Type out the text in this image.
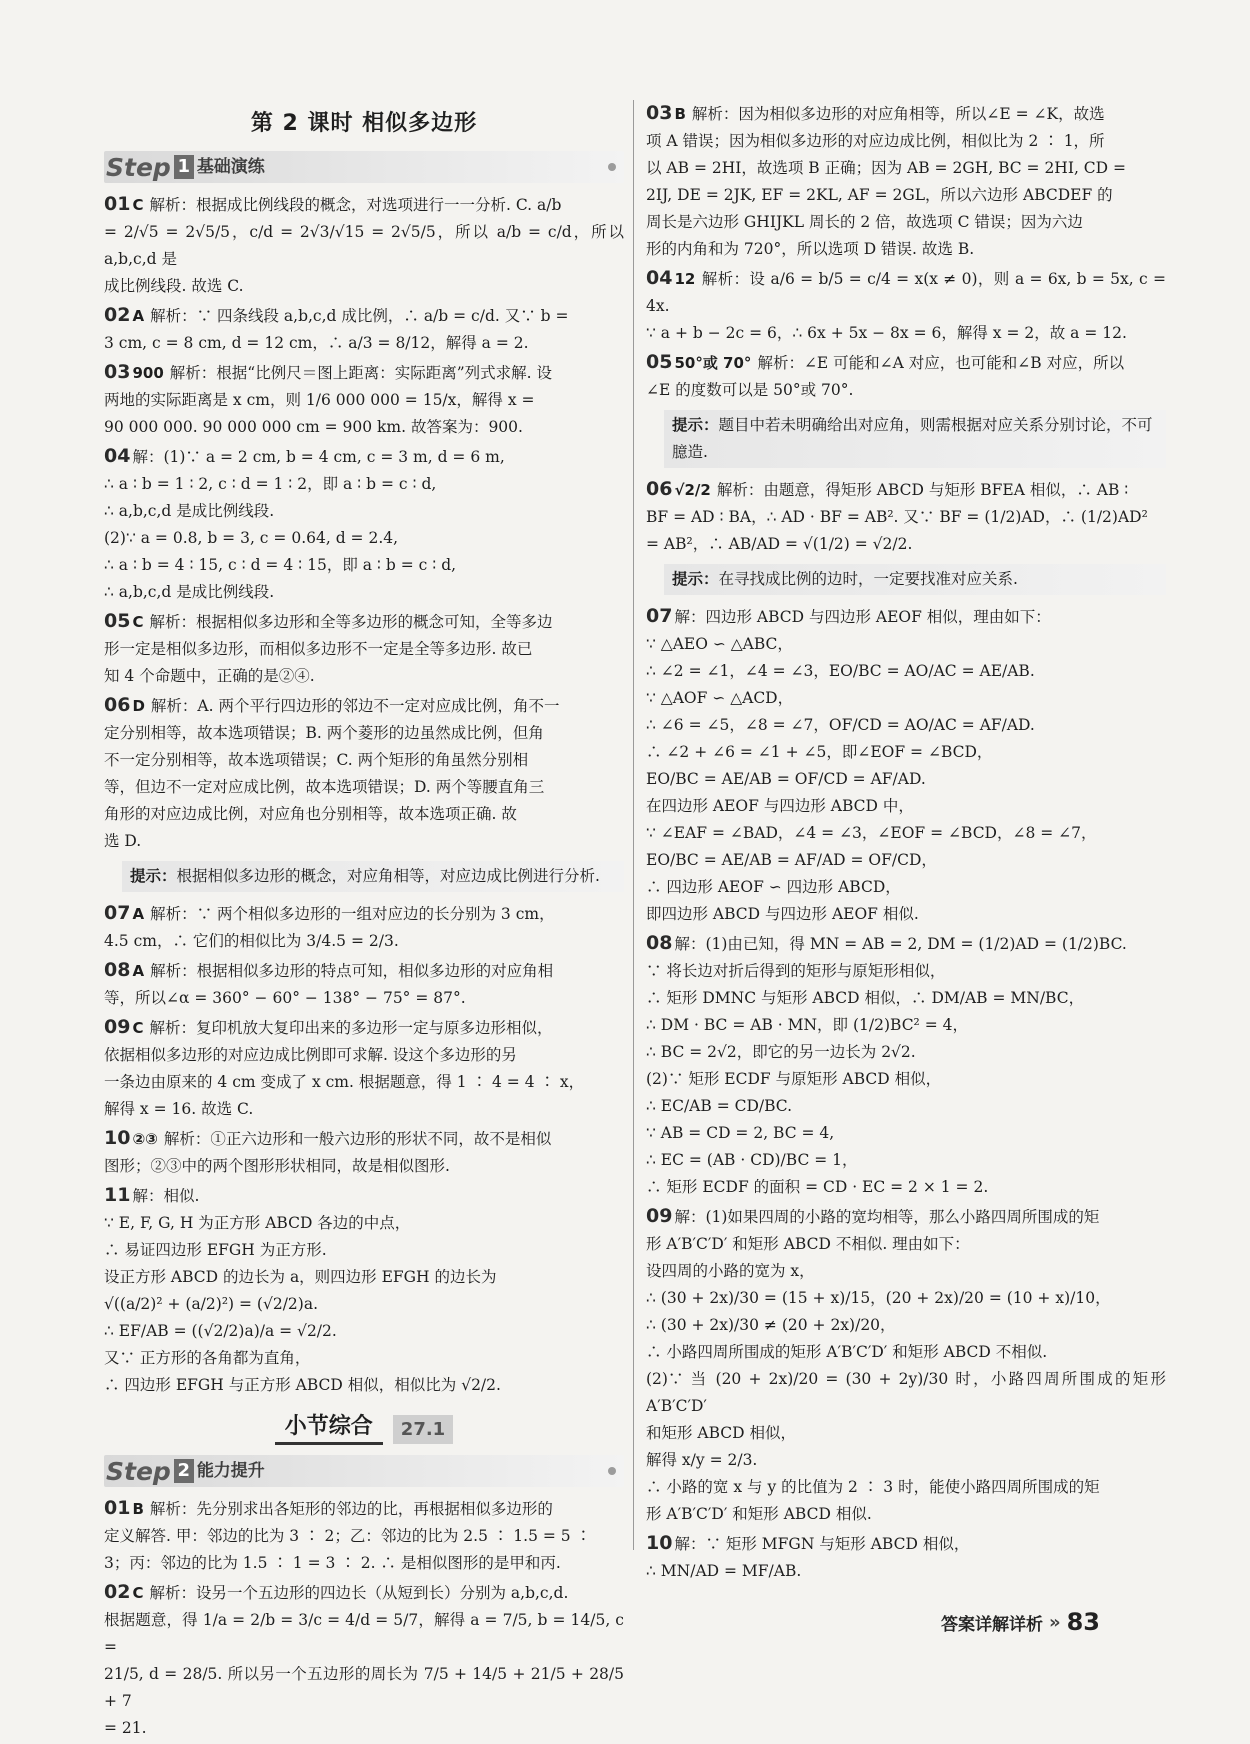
第 2 课时 相似多边形
Step 1 基础演练
01 C 解析：根据成比例线段的概念，对选项进行一一分析. C. a/b
= 2/√5 = 2√5/5，c/d = 2√3/√15 = 2√5/5，所以 a/b = c/d，所以 a,b,c,d 是
成比例线段. 故选 C.
02 A 解析：∵ 四条线段 a,b,c,d 成比例，∴ a/b = c/d. 又∵ b =
3 cm, c = 8 cm, d = 12 cm，∴ a/3 = 8/12，解得 a = 2.
03 900 解析：根据“比例尺＝图上距离：实际距离”列式求解. 设
两地的实际距离是 x cm，则 1/6 000 000 = 15/x，解得 x =
90 000 000. 90 000 000 cm = 900 km. 故答案为：900.
04 解：(1)∵ a = 2 cm, b = 4 cm, c = 3 m, d = 6 m,
∴ a ∶ b = 1 ∶ 2, c ∶ d = 1 ∶ 2，即 a ∶ b = c ∶ d,
∴ a,b,c,d 是成比例线段.
(2)∵ a = 0.8, b = 3, c = 0.64, d = 2.4,
∴ a ∶ b = 4 ∶ 15, c ∶ d = 4 ∶ 15，即 a ∶ b = c ∶ d,
∴ a,b,c,d 是成比例线段.
05 C 解析：根据相似多边形和全等多边形的概念可知，全等多边
形一定是相似多边形，而相似多边形不一定是全等多边形. 故已
知 4 个命题中，正确的是②④.
06 D 解析：A. 两个平行四边形的邻边不一定对应成比例，角不一
定分别相等，故本选项错误；B. 两个菱形的边虽然成比例，但角
不一定分别相等，故本选项错误；C. 两个矩形的角虽然分别相
等，但边不一定对应成比例，故本选项错误；D. 两个等腰直角三
角形的对应边成比例，对应角也分别相等，故本选项正确. 故
选 D.
提示：根据相似多边形的概念，对应角相等，对应边成比例进行分析.
07 A 解析：∵ 两个相似多边形的一组对应边的长分别为 3 cm，
4.5 cm，∴ 它们的相似比为 3/4.5 = 2/3.
08 A 解析：根据相似多边形的特点可知，相似多边形的对应角相
等，所以∠α = 360° − 60° − 138° − 75° = 87°.
09 C 解析：复印机放大复印出来的多边形一定与原多边形相似，
依据相似多边形的对应边成比例即可求解. 设这个多边形的另
一条边由原来的 4 cm 变成了 x cm. 根据题意，得 1 ∶ 4 = 4 ∶ x，
解得 x = 16. 故选 C.
10 ②③ 解析：①正六边形和一般六边形的形状不同，故不是相似
图形；②③中的两个图形形状相同，故是相似图形.
11 解：相似.
∵ E, F, G, H 为正方形 ABCD 各边的中点，
∴ 易证四边形 EFGH 为正方形.
设正方形 ABCD 的边长为 a，则四边形 EFGH 的边长为
√((a/2)² + (a/2)²) = (√2/2)a.
∴ EF/AB = ((√2/2)a)/a = √2/2.
又∵ 正方形的各角都为直角，
∴ 四边形 EFGH 与正方形 ABCD 相似，相似比为 √2/2.
小节综合	27.1
Step 2 能力提升
01 B 解析：先分别求出各矩形的邻边的比，再根据相似多边形的
定义解答. 甲：邻边的比为 3 ∶ 2；乙：邻边的比为 2.5 ∶ 1.5 = 5 ∶
3；丙：邻边的比为 1.5 ∶ 1 = 3 ∶ 2. ∴ 是相似图形的是甲和丙.
02 C 解析：设另一个五边形的四边长（从短到长）分别为 a,b,c,d.
根据题意，得 1/a = 2/b = 3/c = 4/d = 5/7，解得 a = 7/5, b = 14/5, c =
21/5, d = 28/5. 所以另一个五边形的周长为 7/5 + 14/5 + 21/5 + 28/5 + 7
= 21.
03 B 解析：因为相似多边形的对应角相等，所以∠E = ∠K，故选
项 A 错误；因为相似多边形的对应边成比例，相似比为 2 ∶ 1，所
以 AB = 2HI，故选项 B 正确；因为 AB = 2GH, BC = 2HI, CD =
2IJ, DE = 2JK, EF = 2KL, AF = 2GL，所以六边形 ABCDEF 的
周长是六边形 GHIJKL 周长的 2 倍，故选项 C 错误；因为六边
形的内角和为 720°，所以选项 D 错误. 故选 B.
04 12 解析：设 a/6 = b/5 = c/4 = x(x ≠ 0)，则 a = 6x, b = 5x, c = 4x.
∵ a + b − 2c = 6，∴ 6x + 5x − 8x = 6，解得 x = 2，故 a = 12.
05 50°或 70° 解析：∠E 可能和∠A 对应，也可能和∠B 对应，所以
∠E 的度数可以是 50°或 70°.
提示：题目中若未明确给出对应角，则需根据对应关系分别讨论，不可臆造.
06 √2/2 解析：由题意，得矩形 ABCD 与矩形 BFEA 相似，∴ AB ∶
BF = AD ∶ BA，∴ AD · BF = AB². 又∵ BF = (1/2)AD，∴ (1/2)AD²
= AB²，∴ AB/AD = √(1/2) = √2/2.
提示：在寻找成比例的边时，一定要找准对应关系.
07 解：四边形 ABCD 与四边形 AEOF 相似，理由如下：
∵ △AEO ∽ △ABC，
∴ ∠2 = ∠1，∠4 = ∠3，EO/BC = AO/AC = AE/AB.
∵ △AOF ∽ △ACD，
∴ ∠6 = ∠5，∠8 = ∠7，OF/CD = AO/AC = AF/AD.
∴ ∠2 + ∠6 = ∠1 + ∠5，即∠EOF = ∠BCD，
EO/BC = AE/AB = OF/CD = AF/AD.
在四边形 AEOF 与四边形 ABCD 中，
∵ ∠EAF = ∠BAD，∠4 = ∠3，∠EOF = ∠BCD，∠8 = ∠7，
EO/BC = AE/AB = AF/AD = OF/CD，
∴ 四边形 AEOF ∽ 四边形 ABCD，
即四边形 ABCD 与四边形 AEOF 相似.
08 解：(1)由已知，得 MN = AB = 2, DM = (1/2)AD = (1/2)BC.
∵ 将长边对折后得到的矩形与原矩形相似，
∴ 矩形 DMNC 与矩形 ABCD 相似，∴ DM/AB = MN/BC，
∴ DM · BC = AB · MN，即 (1/2)BC² = 4，
∴ BC = 2√2，即它的另一边长为 2√2.
(2)∵ 矩形 ECDF 与原矩形 ABCD 相似，
∴ EC/AB = CD/BC.
∵ AB = CD = 2, BC = 4,
∴ EC = (AB · CD)/BC = 1，
∴ 矩形 ECDF 的面积 = CD · EC = 2 × 1 = 2.
09 解：(1)如果四周的小路的宽均相等，那么小路四周所围成的矩
形 A′B′C′D′ 和矩形 ABCD 不相似. 理由如下：
设四周的小路的宽为 x，
∴ (30 + 2x)/30 = (15 + x)/15，(20 + 2x)/20 = (10 + x)/10，
∴ (30 + 2x)/30 ≠ (20 + 2x)/20，
∴ 小路四周所围成的矩形 A′B′C′D′ 和矩形 ABCD 不相似.
(2)∵ 当 (20 + 2x)/20 = (30 + 2y)/30 时，小路四周所围成的矩形 A′B′C′D′
和矩形 ABCD 相似，
解得 x/y = 2/3.
∴ 小路的宽 x 与 y 的比值为 2 ∶ 3 时，能使小路四周所围成的矩
形 A′B′C′D′ 和矩形 ABCD 相似.
10 解：∵ 矩形 MFGN 与矩形 ABCD 相似，
∴ MN/AD = MF/AB.
答案详解详析 » 83
